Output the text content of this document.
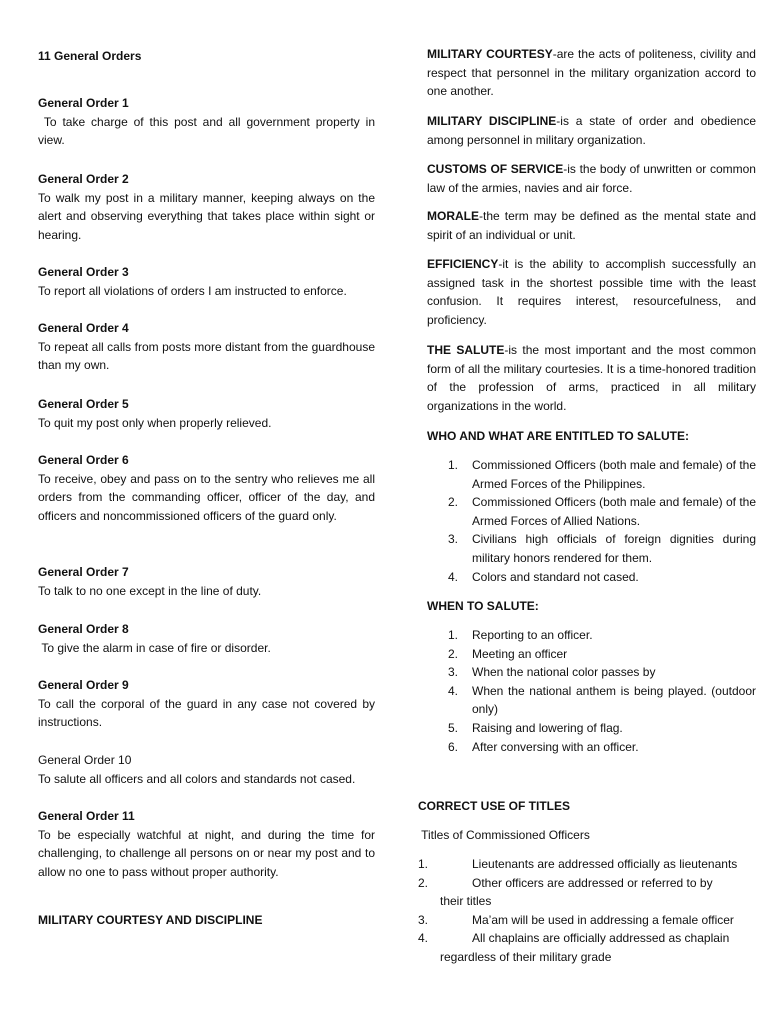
11 General Orders
General Order 1
To take charge of this post and all government property in view.
General Order 2
To walk my post in a military manner, keeping always on the alert and observing everything that takes place within sight or hearing.
General Order 3
To report all violations of orders I am instructed to enforce.
General Order 4
To repeat all calls from posts more distant from the guardhouse than my own.
General Order 5
To quit my post only when properly relieved.
General Order 6
To receive, obey and pass on to the sentry who relieves me all orders from the commanding officer, officer of the day, and officers and noncommissioned officers of the guard only.
General Order 7
To talk to no one except in the line of duty.
General Order 8
To give the alarm in case of fire or disorder.
General Order 9
To call the corporal of the guard in any case not covered by instructions.
General Order 10
To salute all officers and all colors and standards not cased.
General Order 11
To be especially watchful at night, and during the time for challenging, to challenge all persons on or near my post and to allow no one to pass without proper authority.
MILITARY COURTESY AND DISCIPLINE
MILITARY COURTESY-are the acts of politeness, civility and respect that personnel in the military organization accord to one another.
MILITARY DISCIPLINE-is a state of order and obedience among personnel in military organization.
CUSTOMS OF SERVICE-is the body of unwritten or common law of the armies, navies and air force.
MORALE-the term may be defined as the mental state and spirit of an individual or unit.
EFFICIENCY-it is the ability to accomplish successfully an assigned task in the shortest possible time with the least confusion. It requires interest, resourcefulness, and proficiency.
THE SALUTE-is the most important and the most common form of all the military courtesies. It is a time-honored tradition of the profession of arms, practiced in all military organizations in the world.
WHO AND WHAT ARE ENTITLED TO SALUTE:
1. Commissioned Officers (both male and female) of the Armed Forces of the Philippines.
2. Commissioned Officers (both male and female) of the Armed Forces of Allied Nations.
3. Civilians high officials of foreign dignities during military honors rendered for them.
4. Colors and standard not cased.
WHEN TO SALUTE:
1. Reporting to an officer.
2. Meeting an officer
3. When the national color passes by
4. When the national anthem is being played. (outdoor only)
5. Raising and lowering of flag.
6. After conversing with an officer.
CORRECT USE OF TITLES
Titles of Commissioned Officers
1.	Lieutenants are addressed officially as lieutenants
2.	Other officers are addressed or referred to by
their titles
3.	Ma’am will be used in addressing a female officer
4.	All chaplains are officially addressed as chaplain
regardless of their military grade
